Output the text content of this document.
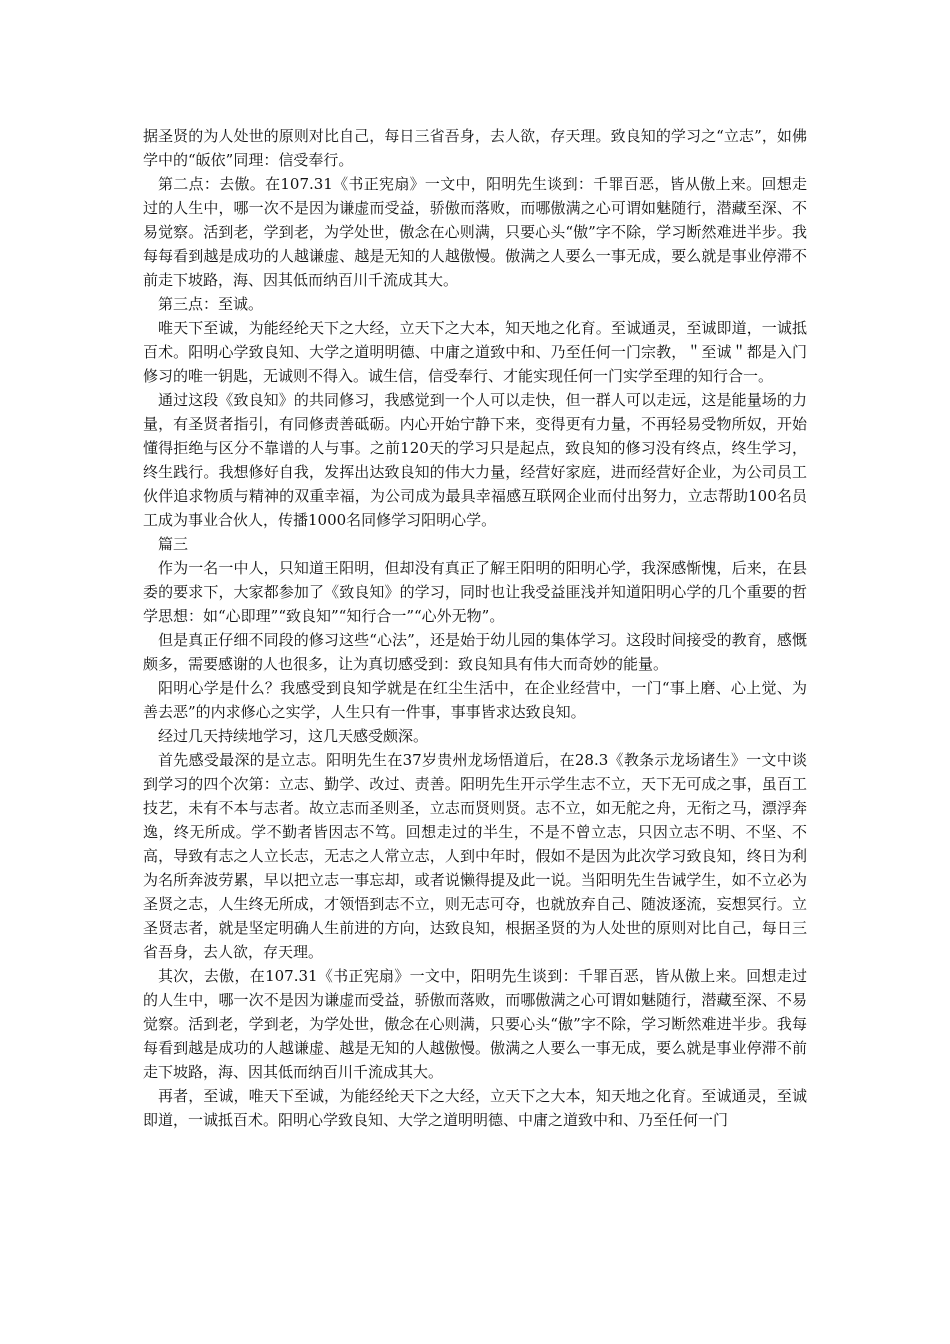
据圣贤的为人处世的原则对比自己，每日三省吾身，去人欲，存天理。致良知的学习之“立志”，如佛学中的“皈依”同理：信受奉行。

第二点：去傲。在107.31《书正宪扇》一文中，阳明先生谈到：千罪百恶，皆从傲上来。回想走过的人生中，哪一次不是因为谦虚而受益，骄傲而落败，而哪傲满之心可谓如魅随行，潜藏至深、不易觉察。活到老，学到老，为学处世，傲念在心则满，只要心头“傲”字不除，学习断然难进半步。我每每看到越是成功的人越谦虚、越是无知的人越傲慢。傲满之人要么一事无成，要么就是事业停滞不前走下坡路，海、因其低而纳百川千流成其大。

第三点：至诚。

唯天下至诚，为能经纶天下之大经，立天下之大本，知天地之化育。至诚通灵，至诚即道，一诚抵百术。阳明心学致良知、大学之道明明德、中庸之道致中和、乃至任何一门宗教，＂至诚＂都是入门修习的唯一钥匙，无诚则不得入。诚生信，信受奉行、才能实现任何一门实学至理的知行合一。

通过这段《致良知》的共同修习，我感觉到一个人可以走快，但一群人可以走远，这是能量场的力量，有圣贤者指引，有同修责善砥砺。内心开始宁静下来，变得更有力量，不再轻易受物所奴，开始懂得拒绝与区分不靠谱的人与事。之前120天的学习只是起点，致良知的修习没有终点，终生学习，终生践行。我想修好自我，发挥出达致良知的伟大力量，经营好家庭，进而经营好企业，为公司员工伙伴追求物质与精神的双重幸福，为公司成为最具幸福感互联网企业而付出努力，立志帮助100名员工成为事业合伙人，传播1000名同修学习阳明心学。

篇三

作为一名一中人，只知道王阳明，但却没有真正了解王阳明的阳明心学，我深感惭愧，后来，在县委的要求下，大家都参加了《致良知》的学习，同时也让我受益匪浅并知道阳明心学的几个重要的哲学思想：如“心即理”“致良知”“知行合一”“心外无物”。

但是真正仔细不同段的修习这些“心法”，还是始于幼儿园的集体学习。这段时间接受的教育，感慨颇多，需要感谢的人也很多，让为真切感受到：致良知具有伟大而奇妙的能量。

阳明心学是什么？我感受到良知学就是在红尘生活中，在企业经营中，一门“事上磨、心上觉、为善去恶”的内求修心之实学，人生只有一件事，事事皆求达致良知。

经过几天持续地学习，这几天感受颇深。

首先感受最深的是立志。阳明先生在37岁贵州龙场悟道后，在28.3《教条示龙场诸生》一文中谈到学习的四个次第：立志、勤学、改过、责善。阳明先生开示学生志不立，天下无可成之事，虽百工技艺，未有不本与志者。故立志而圣则圣，立志而贤则贤。志不立，如无舵之舟，无衔之马，漂浮奔逸，终无所成。学不勤者皆因志不笃。回想走过的半生，不是不曾立志，只因立志不明、不坚、不高，导致有志之人立长志，无志之人常立志，人到中年时，假如不是因为此次学习致良知，终日为利为名所奔波劳累，早以把立志一事忘却，或者说懒得提及此一说。当阳明先生告诫学生，如不立必为圣贤之志，人生终无所成，才领悟到志不立，则无志可夺，也就放弃自己、随波逐流，妄想冥行。立圣贤志者，就是坚定明确人生前进的方向，达致良知，根据圣贤的为人处世的原则对比自己，每日三省吾身，去人欲，存天理。

其次，去傲，在107.31《书正宪扇》一文中，阳明先生谈到：千罪百恶，皆从傲上来。回想走过的人生中，哪一次不是因为谦虚而受益，骄傲而落败，而哪傲满之心可谓如魅随行，潜藏至深、不易觉察。活到老，学到老，为学处世，傲念在心则满，只要心头“傲”字不除，学习断然难进半步。我每每看到越是成功的人越谦虚、越是无知的人越傲慢。傲满之人要么一事无成，要么就是事业停滞不前走下坡路，海、因其低而纳百川千流成其大。

再者，至诚，唯天下至诚，为能经纶天下之大经，立天下之大本，知天地之化育。至诚通灵，至诚即道，一诚抵百术。阳明心学致良知、大学之道明明德、中庸之道致中和、乃至任何一门
